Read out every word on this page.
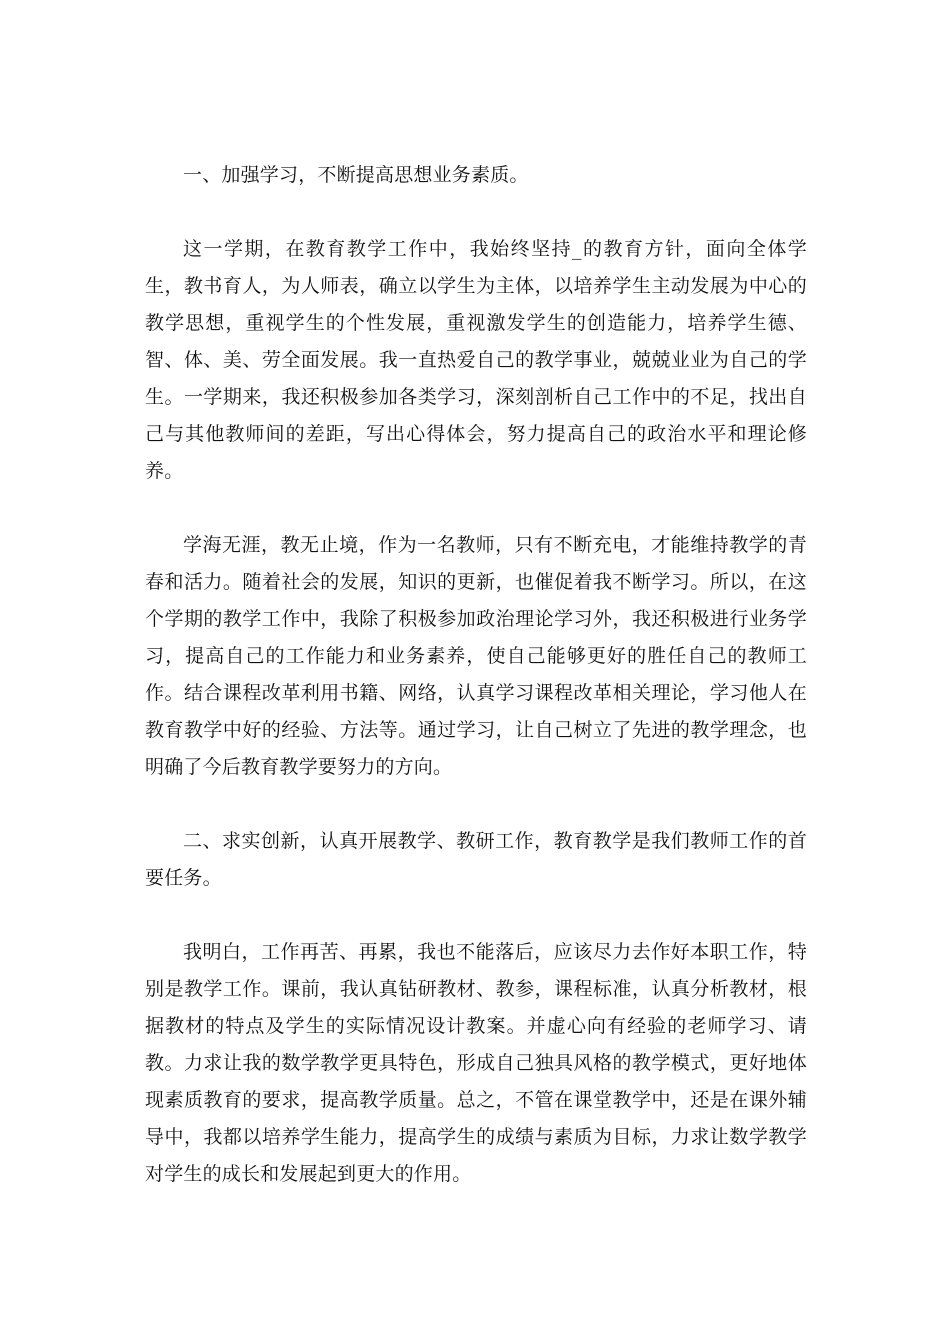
一、加强学习，不断提高思想业务素质。

这一学期，在教育教学工作中，我始终坚持_的教育方针，面向全体学生，教书育人，为人师表，确立以学生为主体，以培养学生主动发展为中心的教学思想，重视学生的个性发展，重视激发学生的创造能力，培养学生德、智、体、美、劳全面发展。我一直热爱自己的教学事业，兢兢业业为自己的学生。一学期来，我还积极参加各类学习，深刻剖析自己工作中的不足，找出自己与其他教师间的差距，写出心得体会，努力提高自己的政治水平和理论修养。

学海无涯，教无止境，作为一名教师，只有不断充电，才能维持教学的青春和活力。随着社会的发展，知识的更新，也催促着我不断学习。所以，在这个学期的教学工作中，我除了积极参加政治理论学习外，我还积极进行业务学习，提高自己的工作能力和业务素养，使自己能够更好的胜任自己的教师工作。结合课程改革利用书籍、网络，认真学习课程改革相关理论，学习他人在教育教学中好的经验、方法等。通过学习，让自己树立了先进的教学理念，也明确了今后教育教学要努力的方向。

二、求实创新，认真开展教学、教研工作，教育教学是我们教师工作的首要任务。

我明白，工作再苦、再累，我也不能落后，应该尽力去作好本职工作，特别是教学工作。课前，我认真钻研教材、教参，课程标准，认真分析教材，根据教材的特点及学生的实际情况设计教案。并虚心向有经验的老师学习、请教。力求让我的数学教学更具特色，形成自己独具风格的教学模式，更好地体现素质教育的要求，提高教学质量。总之，不管在课堂教学中，还是在课外辅导中，我都以培养学生能力，提高学生的成绩与素质为目标，力求让数学教学对学生的成长和发展起到更大的作用。
